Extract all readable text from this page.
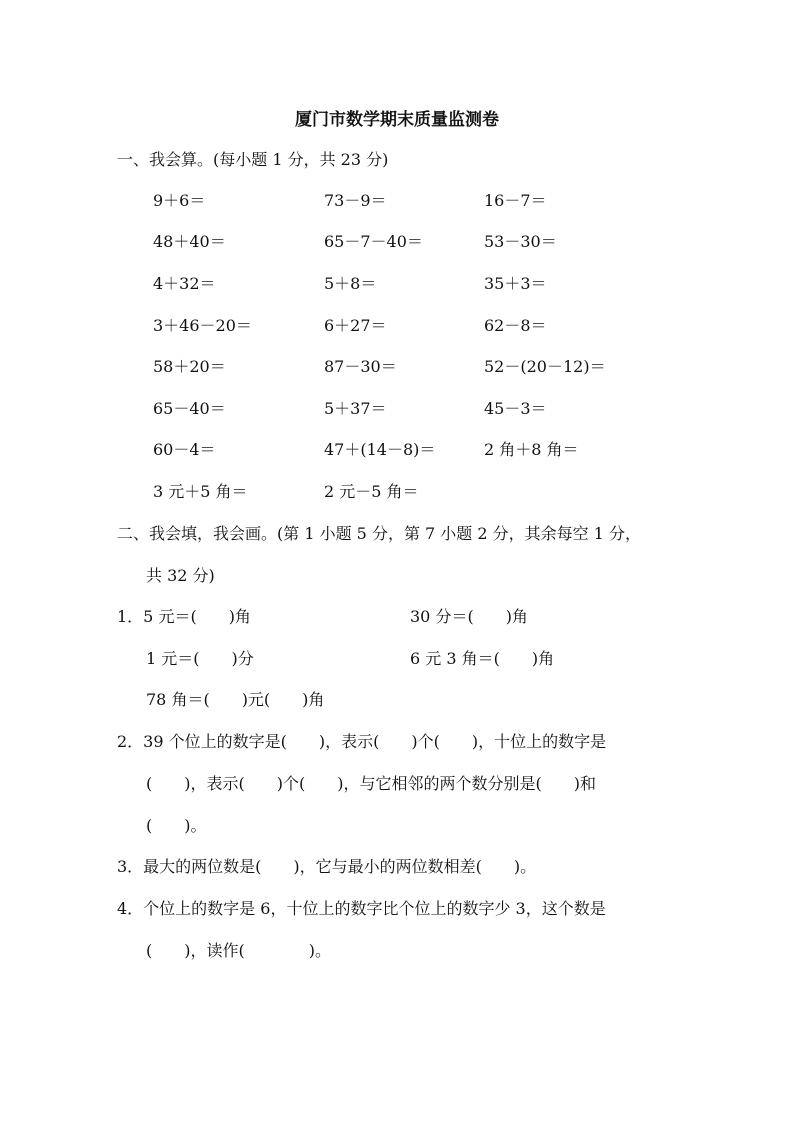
厦门市数学期末质量监测卷
一、我会算。(每小题 1 分，共 23 分)
9＋6＝	73－9＝	16－7＝
48＋40＝	65－7－40＝	53－30＝
4＋32＝	5＋8＝	35＋3＝
3＋46－20＝	6＋27＝	62－8＝
58＋20＝	87－30＝	52－(20－12)＝
65－40＝	5＋37＝	45－3＝
60－4＝	47＋(14－8)＝	2 角＋8 角＝
3 元＋5 角＝	2 元－5 角＝
二、我会填，我会画。(第 1 小题 5 分，第 7 小题 2 分，其余每空 1 分，
共 32 分)
1．5 元＝(　　)角	30 分＝(　　)角
1 元＝(　　)分	6 元 3 角＝(　　)角
78 角＝(　　)元(　　)角
2．39 个位上的数字是(　　)，表示(　　)个(　　)，十位上的数字是
(　　)，表示(　　)个(　　)，与它相邻的两个数分别是(　　)和
(　　)。
3．最大的两位数是(　　)，它与最小的两位数相差(　　)。
4．个位上的数字是 6，十位上的数字比个位上的数字少 3，这个数是
(　　)，读作(　　　　)。
